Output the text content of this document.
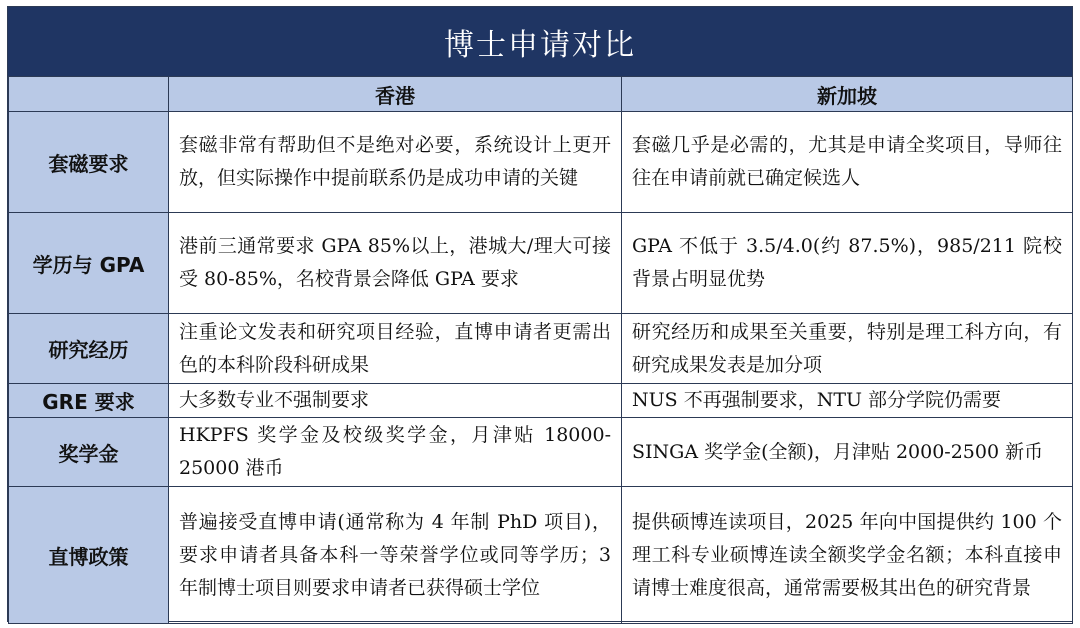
博士申请对比
	香港	新加坡
套磁要求	套磁非常有帮助但不是绝对必要，系统设计上更开放，但实际操作中提前联系仍是成功申请的关键	套磁几乎是必需的，尤其是申请全奖项目，导师往往在申请前就已确定候选人
学历与 GPA	港前三通常要求 GPA 85%以上，港城大/理大可接受 80-85%，名校背景会降低 GPA 要求	GPA 不低于 3.5/4.0(约 87.5%)，985/211 院校背景占明显优势
研究经历	注重论文发表和研究项目经验，直博申请者更需出色的本科阶段科研成果	研究经历和成果至关重要，特别是理工科方向，有研究成果发表是加分项
GRE 要求	大多数专业不强制要求	NUS 不再强制要求，NTU 部分学院仍需要
奖学金	HKPFS 奖学金及校级奖学金，月津贴 18000-25000 港币	SINGA 奖学金(全额)，月津贴 2000-2500 新币
直博政策	普遍接受直博申请(通常称为 4 年制 PhD 项目)，要求申请者具备本科一等荣誉学位或同等学历；3 年制博士项目则要求申请者已获得硕士学位	提供硕博连读项目，2025 年向中国提供约 100 个理工科专业硕博连读全额奖学金名额；本科直接申请博士难度很高，通常需要极其出色的研究背景
